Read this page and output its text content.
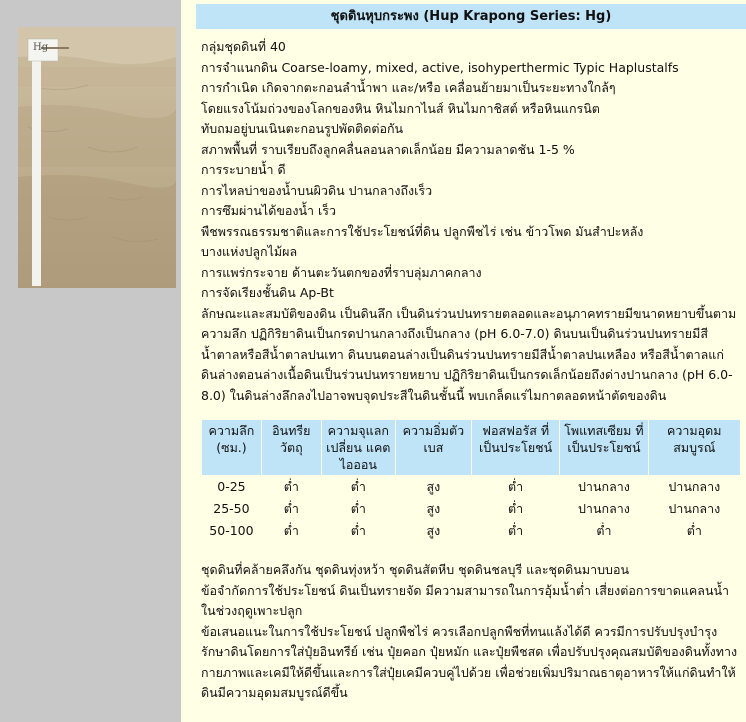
Hg
ชุดดินหุบกระพง (Hup Krapong Series: Hg)
กลุ่มชุดดินที่ 40
การจำแนกดิน Coarse-loamy, mixed, active, isohyperthermic Typic Haplustalfs
การกำเนิด เกิดจากตะกอนลำน้ำพา และ/หรือ เคลื่อนย้ายมาเป็นระยะทางใกล้ๆ
โดยแรงโน้มถ่วงของโลกของหิน หินไมกาไนส์ หินไมกาชิสต์ หรือหินแกรนิต
ทับถมอยู่บนเนินตะกอนรูปพัดติดต่อกัน
สภาพพื้นที่ ราบเรียบถึงลูกคลื่นลอนลาดเล็กน้อย มีความลาดชัน 1-5 %
การระบายน้ำ ดี
การไหลบ่าของน้ำบนผิวดิน ปานกลางถึงเร็ว
การซึมผ่านได้ของน้ำ เร็ว
พืชพรรณธรรมชาติและการใช้ประโยชน์ที่ดิน ปลูกพืชไร่ เช่น ข้าวโพด มันสำปะหลัง
บางแห่งปลูกไม้ผล
การแพร่กระจาย ด้านตะวันตกของที่ราบลุ่มภาคกลาง
การจัดเรียงชั้นดิน Ap-Bt
ลักษณะและสมบัติของดิน เป็นดินลึก เป็นดินร่วนปนทรายตลอดและอนุภาคทรายมีขนาดหยาบขึ้นตามความลึก ปฏิกิริยาดินเป็นกรดปานกลางถึงเป็นกลาง (pH 6.0-7.0) ดินบนเป็นดินร่วนปนทรายมีสีน้ำตาลหรือสีน้ำตาลปนเทา ดินบนตอนล่างเป็นดินร่วนปนทรายมีสีน้ำตาลปนเหลือง หรือสีน้ำตาลแก่ ดินล่างตอนล่างเนื้อดินเป็นร่วนปนทรายหยาบ ปฏิกิริยาดินเป็นกรดเล็กน้อยถึงด่างปานกลาง (pH 6.0-8.0) ในดินล่างลึกลงไปอาจพบจุดประสีในดินชั้นนี้ พบเกล็ดแร่ไมกาตลอดหน้าตัดของดิน
ความลึก (ซม.)	อินทรีย วัตถุ	ความจุแลก เปลี่ยน แคตไอออน	ความอิ่มตัว เบส	ฟอสฟอรัส ที่เป็นประโยชน์	โพแทสเซียม ที่เป็นประโยชน์	ความอุดม สมบูรณ์
0-25	ต่ำ	ต่ำ	สูง	ต่ำ	ปานกลาง	ปานกลาง
25-50	ต่ำ	ต่ำ	สูง	ต่ำ	ปานกลาง	ปานกลาง
50-100	ต่ำ	ต่ำ	สูง	ต่ำ	ต่ำ	ต่ำ
ชุดดินที่คล้ายคลึงกัน ชุดดินทุ่งหว้า ชุดดินสัตหีบ ชุดดินชลบุรี และชุดดินมาบบอน
ข้อจำกัดการใช้ประโยชน์ ดินเป็นทรายจัด มีความสามารถในการอุ้มน้ำต่ำ เสี่ยงต่อการขาดแคลนน้ำในช่วงฤดูเพาะปลูก
ข้อเสนอแนะในการใช้ประโยชน์ ปลูกพืชไร่ ควรเลือกปลูกพืชที่ทนแล้งได้ดี ควรมีการปรับปรุงบำรุงรักษาดินโดยการใส่ปุ๋ยอินทรีย์ เช่น ปุ๋ยคอก ปุ๋ยหมัก และปุ๋ยพืชสด เพื่อปรับปรุงคุณสมบัติของดินทั้งทางกายภาพและเคมีให้ดีขึ้นและการใส่ปุ๋ยเคมีควบคู่ไปด้วย เพื่อช่วยเพิ่มปริมาณธาตุอาหารให้แก่ดินทำให้ดินมีความอุดมสมบูรณ์ดีขึ้น
